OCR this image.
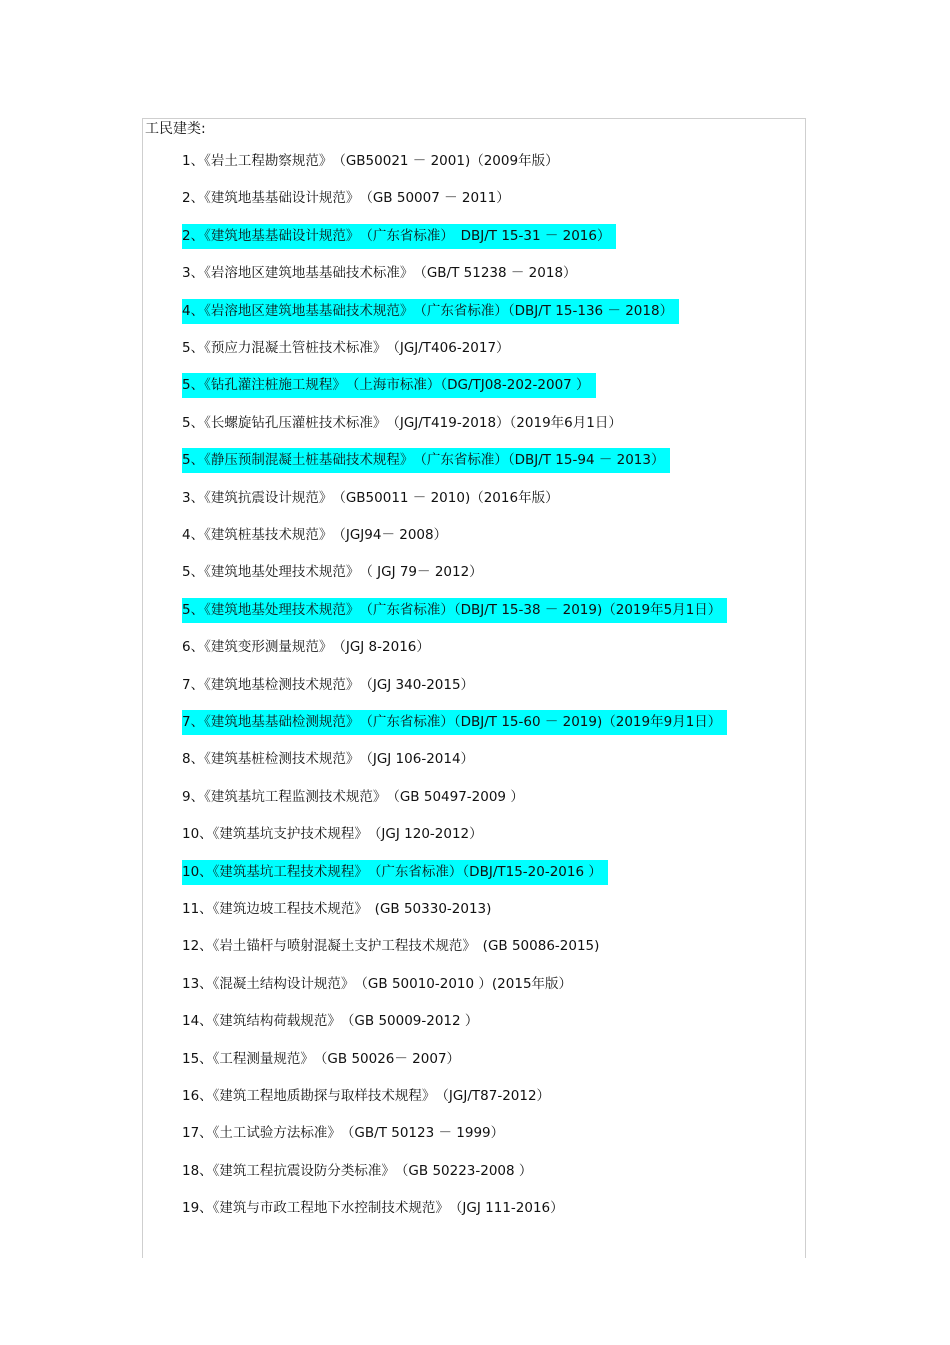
工民建类:
1、《岩土工程勘察规范》　（GB50021 － 2001)（2009年版）
2、《建筑地基基础设计规范》　（GB 50007 － 2011）
2、《建筑地基基础设计规范》　（广东省标准）　DBJ/T 15-31 － 2016）
3、《岩溶地区建筑地基基础技术标准》　（GB/T 51238 － 2018）
4、《岩溶地区建筑地基基础技术规范》　（广东省标准）（DBJ/T 15-136 － 2018）
5、《预应力混凝土管桩技术标准》　（JGJ/T406-2017）
5、《钻孔灌注桩施工规程》　（上海市标准）（DG/TJ08-202-2007 ）
5、《长螺旋钻孔压灌桩技术标准》　（JGJ/T419-2018）（2019年6月1日）
5、《静压预制混凝土桩基础技术规程》　（广东省标准）（DBJ/T 15-94 － 2013）
3、《建筑抗震设计规范》　（GB50011 － 2010)（2016年版）
4、《建筑桩基技术规范》　（JGJ94－ 2008）
5、《建筑地基处理技术规范》　（ JGJ 79－ 2012）
5、《建筑地基处理技术规范》　（广东省标准）（DBJ/T 15-38 － 2019)（2019年5月1日）
6、《建筑变形测量规范》　（JGJ 8-2016）
7、《建筑地基检测技术规范》　（JGJ 340-2015）
7、《建筑地基基础检测规范》　（广东省标准）（DBJ/T 15-60 － 2019)（2019年9月1日）
8、《建筑基桩检测技术规范》　（JGJ 106-2014）
9、《建筑基坑工程监测技术规范》　（GB 50497-2009 ）
10、《建筑基坑支护技术规程》　（JGJ 120-2012）
10、《建筑基坑工程技术规程》　（广东省标准）（DBJ/T15-20-2016 ）
11、《建筑边坡工程技术规范》　(GB 50330-2013)
12、《岩土锚杆与喷射混凝土支护工程技术规范》　(GB 50086-2015)
13、《混凝土结构设计规范》　（GB 50010-2010 ）(2015年版）
14、《建筑结构荷载规范》　（GB 50009-2012 ）
15、《工程测量规范》　（GB 50026－ 2007）
16、《建筑工程地质勘探与取样技术规程》　（JGJ/T87-2012）
17、《土工试验方法标准》　（GB/T 50123 － 1999）
18、《建筑工程抗震设防分类标准》　（GB 50223-2008 ）
19、《建筑与市政工程地下水控制技术规范》　（JGJ 111-2016）
